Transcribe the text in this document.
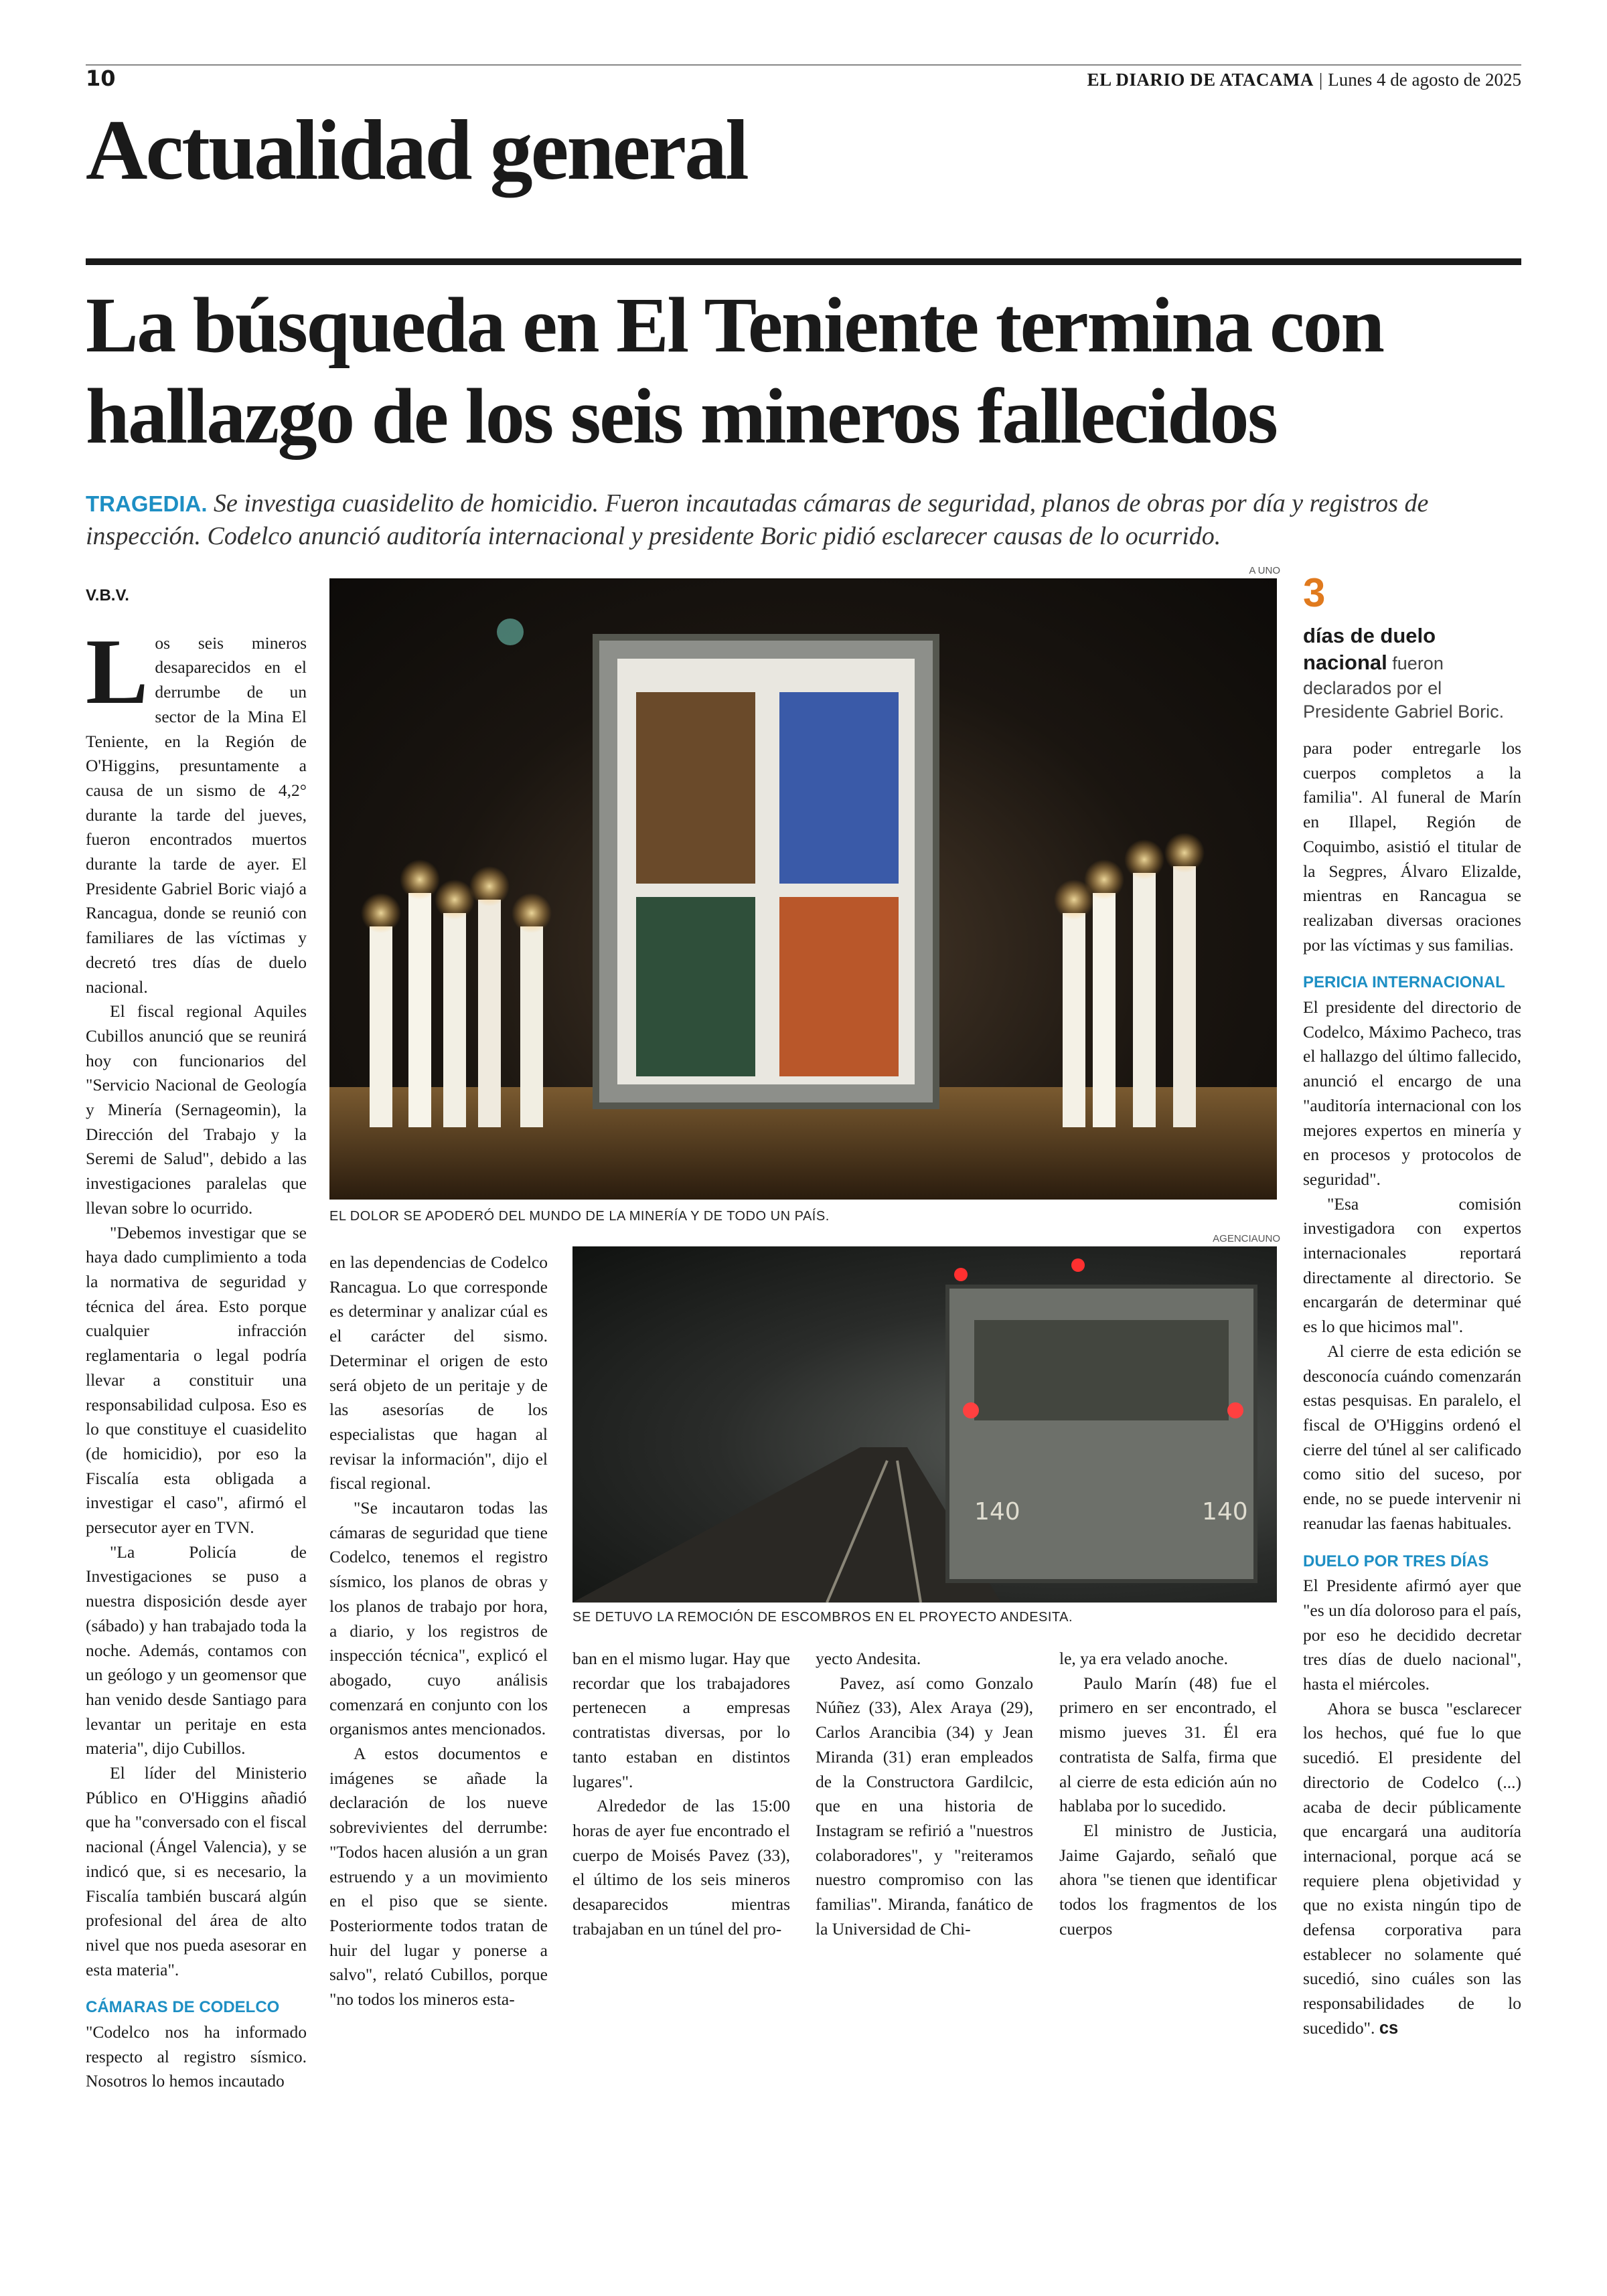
10	EL DIARIO DE ATACAMA | Lunes 4 de agosto de 2025
Actualidad general
La búsqueda en El Teniente termina con hallazgo de los seis mineros fallecidos
TRAGEDIA. Se investiga cuasidelito de homicidio. Fueron incautadas cámaras de seguridad, planos de obras por día y registros de inspección. Codelco anunció auditoría internacional y presidente Boric pidió esclarecer causas de lo ocurrido.
V.B.V.

Los seis mineros desaparecidos en el derrumbe de un sector de la Mina El Teniente, en la Región de O'Higgins, presuntamente a causa de un sismo de 4,2° durante la tarde del jueves, fueron encontrados muertos durante la tarde de ayer. El Presidente Gabriel Boric viajó a Rancagua, donde se reunió con familiares de las víctimas y decretó tres días de duelo nacional.

El fiscal regional Aquiles Cubillos anunció que se reunirá hoy con funcionarios del "Servicio Nacional de Geología y Minería (Sernageomin), la Dirección del Trabajo y la Seremi de Salud", debido a las investigaciones paralelas que llevan sobre lo ocurrido.

"Debemos investigar que se haya dado cumplimiento a toda la normativa de seguridad y técnica del área. Esto porque cualquier infracción reglamentaria o legal podría llevar a constituir una responsabilidad culposa. Eso es lo que constituye el cuasidelito (de homicidio), por eso la Fiscalía esta obligada a investigar el caso", afirmó el persecutor ayer en TVN.

"La Policía de Investigaciones se puso a nuestra disposición desde ayer (sábado) y han trabajado toda la noche. Además, contamos con un geólogo y un geomensor que han venido desde Santiago para levantar un peritaje en esta materia", dijo Cubillos.

El líder del Ministerio Público en O'Higgins añadió que ha "conversado con el fiscal nacional (Ángel Valencia), y se indicó que, si es necesario, la Fiscalía también buscará algún profesional del área de alto nivel que nos pueda asesorar en esta materia".

CÁMARAS DE CODELCO

"Codelco nos ha informado respecto al registro sísmico. Nosotros lo hemos incautado

A UNO
EL DOLOR SE APODERÓ DEL MUNDO DE LA MINERÍA Y DE TODO UN PAÍS.

en las dependencias de Codelco Rancagua. Lo que corresponde es determinar y analizar cúal es el carácter del sismo. Determinar el origen de esto será objeto de un peritaje y de las asesorías de los especialistas que hagan al revisar la información", dijo el fiscal regional.

"Se incautaron todas las cámaras de seguridad que tiene Codelco, tenemos el registro sísmico, los planos de obras y los planos de trabajo por hora, a diario, y los registros de inspección técnica", explicó el abogado, cuyo análisis comenzará en conjunto con los organismos antes mencionados.

A estos documentos e imágenes se añade la declaración de los nueve sobrevivientes del derrumbe: "Todos hacen alusión a un gran estruendo y a un movimiento en el piso que se siente. Posteriormente todos tratan de huir del lugar y ponerse a salvo", relató Cubillos, porque "no todos los mineros esta-

AGENCIAUNO
140	140
SE DETUVO LA REMOCIÓN DE ESCOMBROS EN EL PROYECTO ANDESITA.

ban en el mismo lugar. Hay que recordar que los trabajadores pertenecen a empresas contratistas diversas, por lo tanto estaban en distintos lugares".

Alrededor de las 15:00 horas de ayer fue encontrado el cuerpo de Moisés Pavez (33), el último de los seis mineros desaparecidos mientras trabajaban en un túnel del pro-

yecto Andesita.

Pavez, así como Gonzalo Núñez (33), Alex Araya (29), Carlos Arancibia (34) y Jean Miranda (31) eran empleados de la Constructora Gardilcic, que en una historia de Instagram se refirió a "nuestros colaboradores", y "reiteramos nuestro compromiso con las familias". Miranda, fanático de la Universidad de Chi-

le, ya era velado anoche.

Paulo Marín (48) fue el primero en ser encontrado, el mismo jueves 31. Él era contratista de Salfa, firma que al cierre de esta edición aún no hablaba por lo sucedido.

El ministro de Justicia, Jaime Gajardo, señaló que ahora "se tienen que identificar todos los fragmentos de los cuerpos

3
días de duelo nacional fueron declarados por el Presidente Gabriel Boric.

para poder entregarle los cuerpos completos a la familia". Al funeral de Marín en Illapel, Región de Coquimbo, asistió el titular de la Segpres, Álvaro Elizalde, mientras en Rancagua se realizaban diversas oraciones por las víctimas y sus familias.

PERICIA INTERNACIONAL

El presidente del directorio de Codelco, Máximo Pacheco, tras el hallazgo del último fallecido, anunció el encargo de una "auditoría internacional con los mejores expertos en minería y en procesos y protocolos de seguridad".

"Esa comisión investigadora con expertos internacionales reportará directamente al directorio. Se encargarán de determinar qué es lo que hicimos mal".

Al cierre de esta edición se desconocía cuándo comenzarán estas pesquisas. En paralelo, el fiscal de O'Higgins ordenó el cierre del túnel al ser calificado como sitio del suceso, por ende, no se puede intervenir ni reanudar las faenas habituales.

DUELO POR TRES DÍAS

El Presidente afirmó ayer que "es un día doloroso para el país, por eso he decidido decretar tres días de duelo nacional", hasta el miércoles.

Ahora se busca "esclarecer los hechos, qué fue lo que sucedió. El presidente del directorio de Codelco (...) acaba de decir públicamente que encargará una auditoría internacional, porque acá se requiere plena objetividad y que no exista ningún tipo de defensa corporativa para establecer no solamente qué sucedió, sino cuáles son las responsabilidades de lo sucedido". cs
